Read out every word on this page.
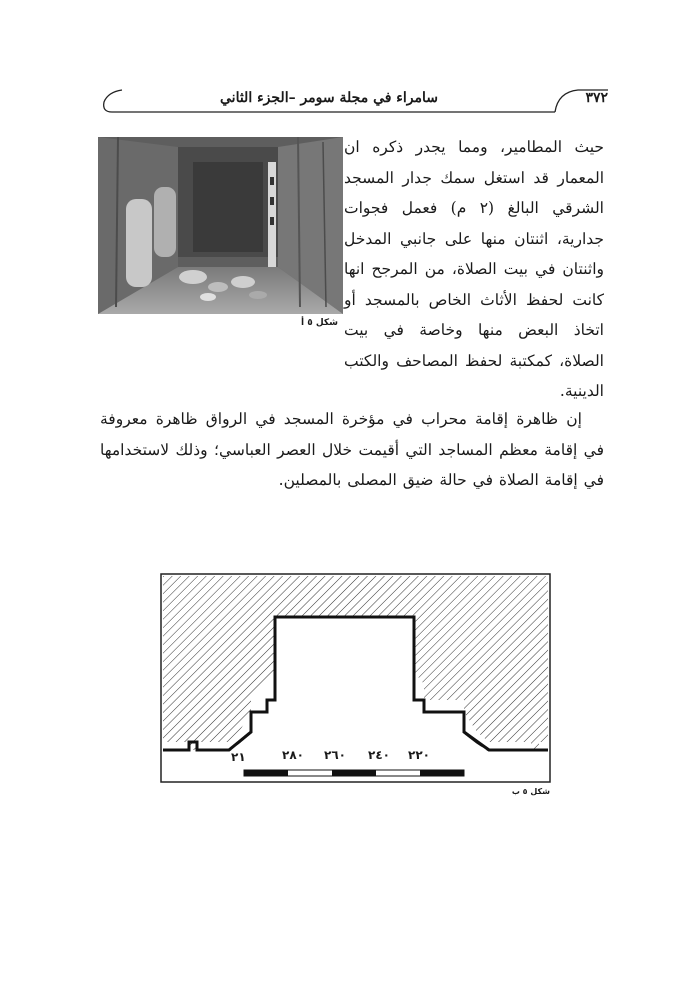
سامراء في مجلة سومر –الجزء الثاني	٣٧٢
شكل ٥ أ
حيث المطامير، ومما يجدر ذكره ان المعمار قد استغل سمك جدار المسجد الشرقي البالغ (٢ م) فعمل فجوات جدارية، اثنتان منها على جانبي المدخل واثنتان في بيت الصلاة، من المرجح انها كانت لحفظ الأثاث الخاص بالمسجد أو اتخاذ البعض منها وخاصة في بيت الصلاة، كمكتبة لحفظ المصاحف والكتب الدينية.
إن ظاهرة إقامة محراب في مؤخرة المسجد في الرواق ظاهرة معروفة في إقامة معظم المساجد التي أقيمت خلال العصر العباسي؛ وذلك لاستخدامها في إقامة الصلاة في حالة ضيق المصلى بالمصلين.
٢١	٢٨٠ ٢٦٠ ٢٤٠ ٢٢٠
شكل ٥ ب
